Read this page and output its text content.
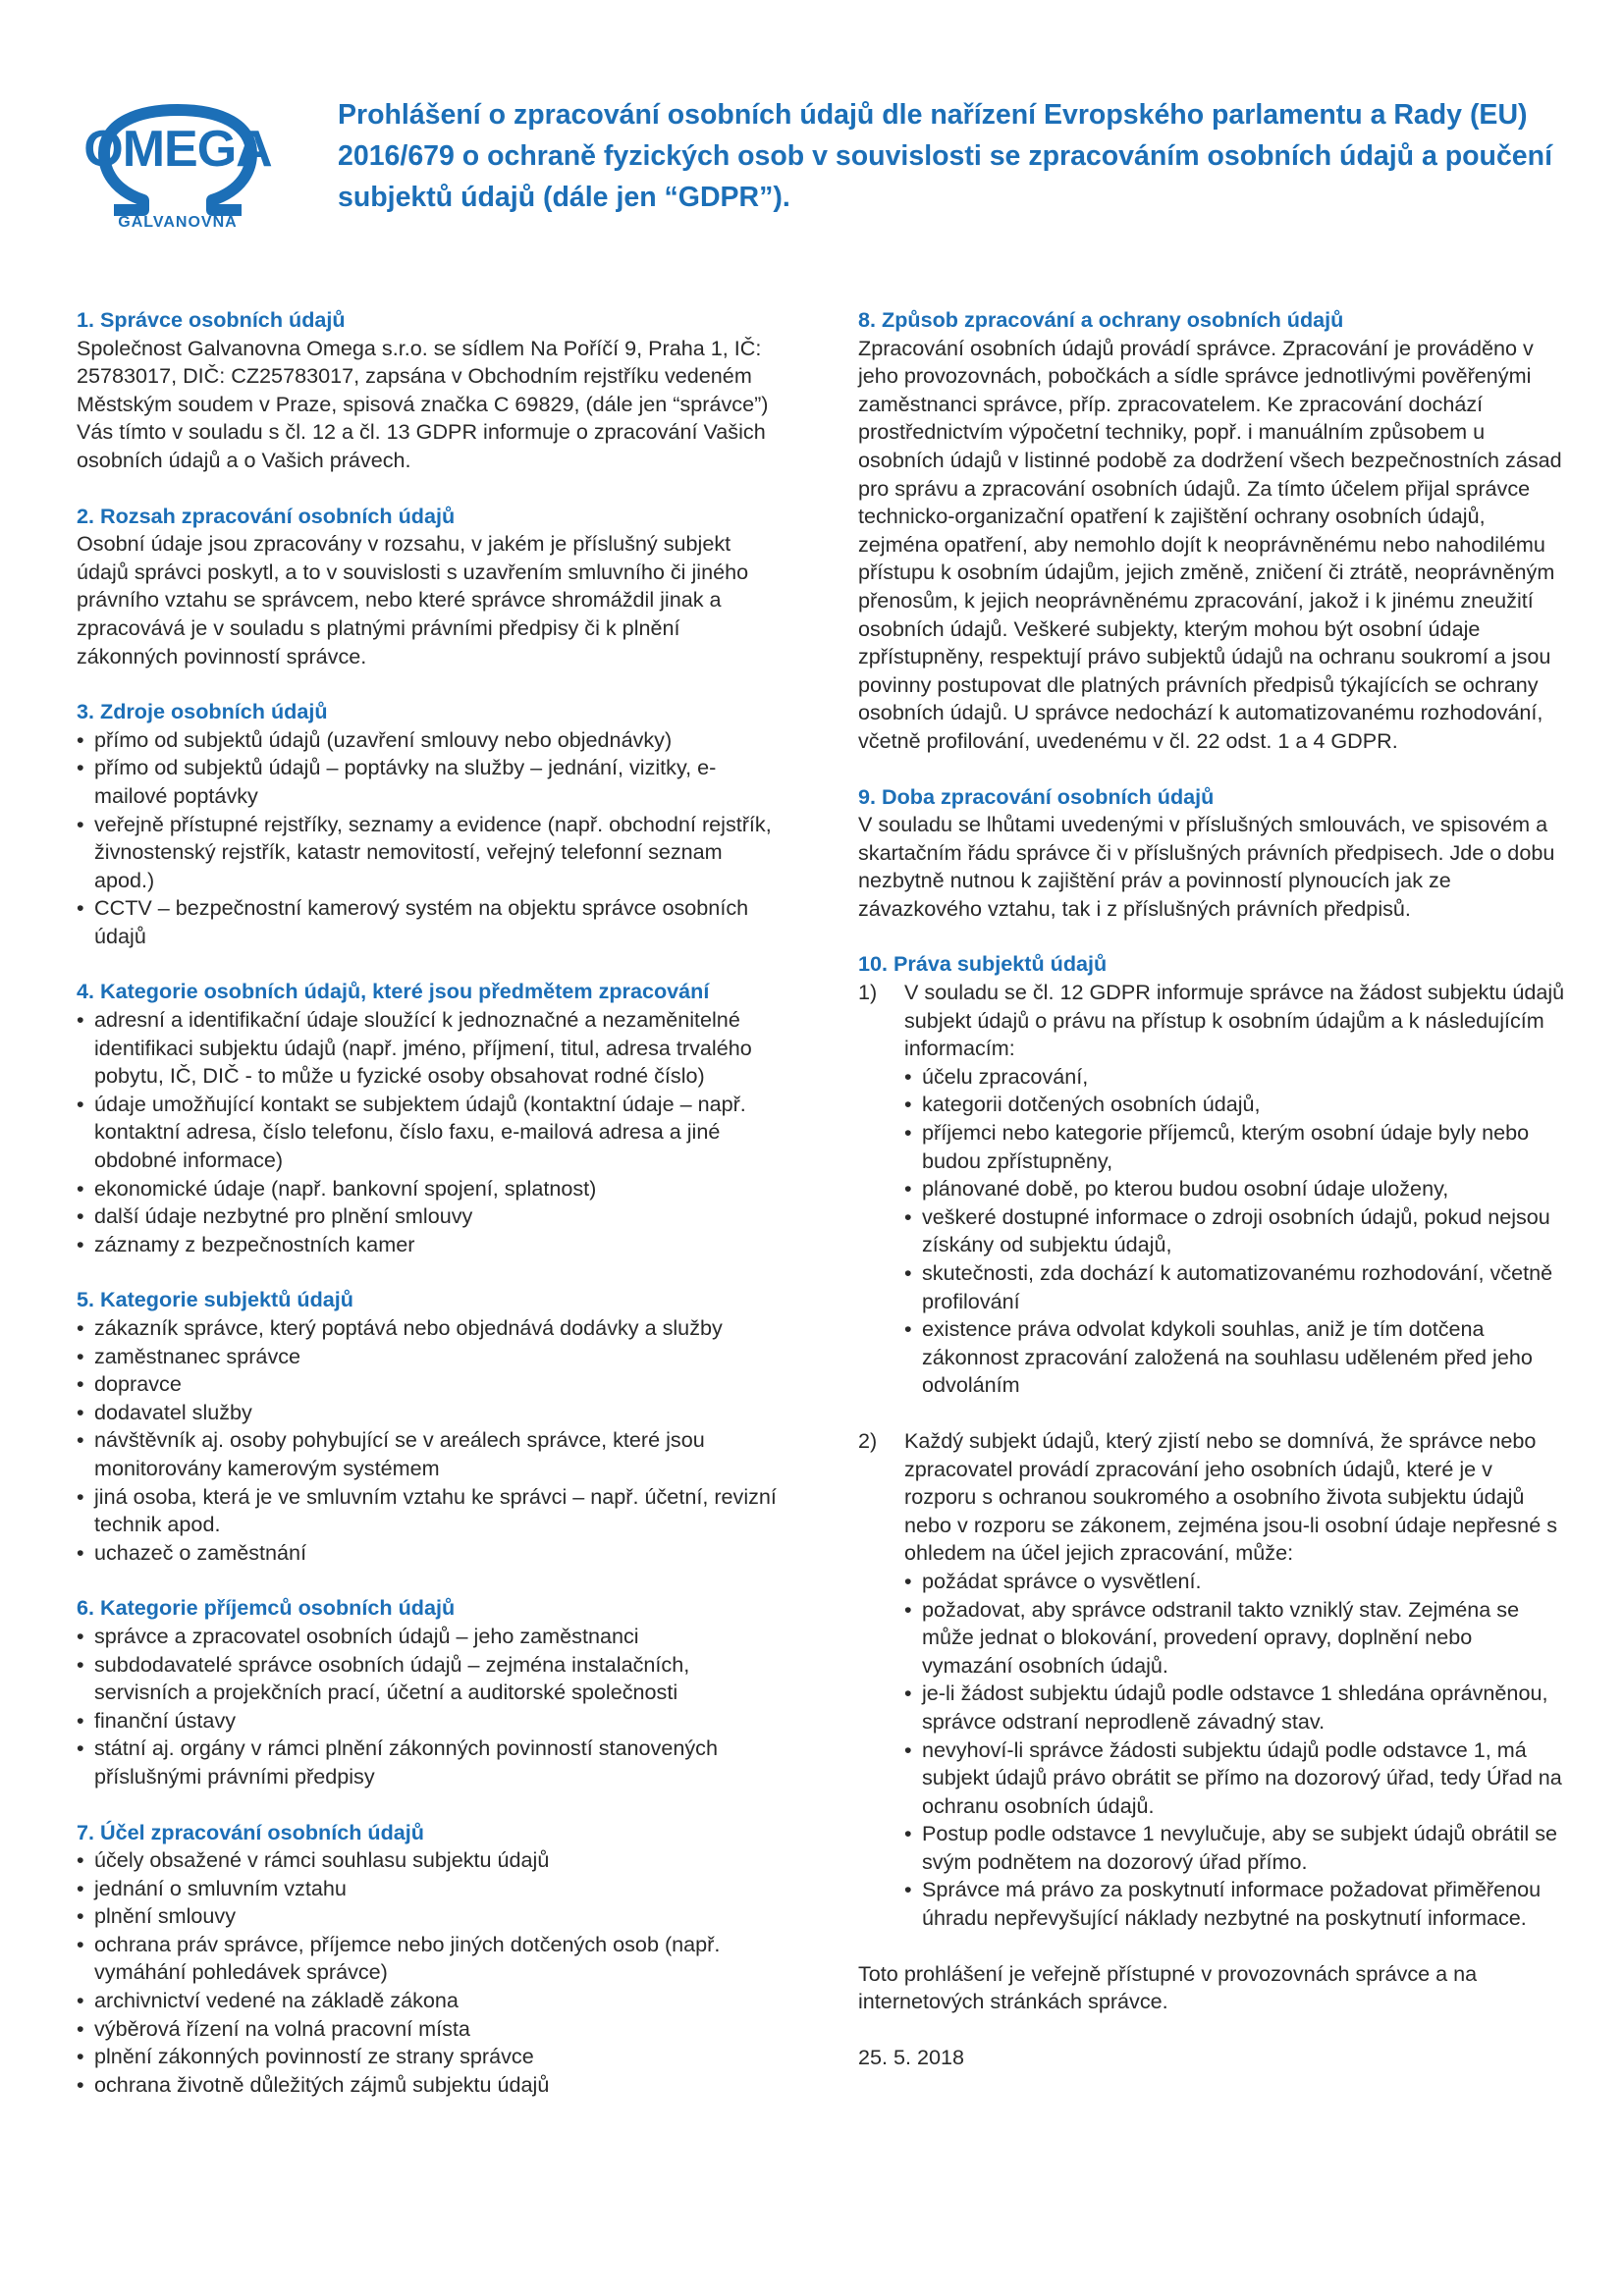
OMEGA
GALVANOVNA
Prohlášení o zpracování osobních údajů dle nařízení Evropského parlamentu a Rady (EU) 2016/679 o ochraně fyzických osob v souvislosti se zpracováním osobních údajů a poučení subjektů údajů (dále jen “GDPR”).
1. Správce osobních údajů

Společnost Galvanovna Omega s.r.o. se sídlem Na Poříčí 9, Praha 1, IČ: 25783017, DIČ: CZ25783017, zapsána v Obchodním rejstříku vedeném Městským soudem v Praze, spisová značka C 69829, (dále jen “správce”) Vás tímto v souladu s čl. 12 a čl. 13 GDPR informuje o zpracování Vašich osobních údajů a o Vašich právech.

2. Rozsah zpracování osobních údajů

Osobní údaje jsou zpracovány v rozsahu, v jakém je příslušný subjekt údajů správci poskytl, a to v souvislosti s uzavřením smluvního či jiného právního vztahu se správcem, nebo které správce shromáždil jinak a zpracovává je v souladu s platnými právními předpisy či k plnění zákonných povinností správce.

3. Zdroje osobních údajů
• přímo od subjektů údajů (uzavření smlouvy nebo objednávky)
• přímo od subjektů údajů – poptávky na služby – jednání, vizitky, e-mailové poptávky
• veřejně přístupné rejstříky, seznamy a evidence (např. obchodní rejstřík, živnostenský rejstřík, katastr nemovitostí, veřejný telefonní seznam apod.)
• CCTV – bezpečnostní kamerový systém na objektu správce osobních údajů
4. Kategorie osobních údajů, které jsou předmětem zpracování
• adresní a identifikační údaje sloužící k jednoznačné a nezaměnitelné identifikaci subjektu údajů (např. jméno, příjmení, titul, adresa trvalého pobytu, IČ, DIČ - to může u fyzické osoby obsahovat rodné číslo)
• údaje umožňující kontakt se subjektem údajů (kontaktní údaje – např. kontaktní adresa, číslo telefonu, číslo faxu, e-mailová adresa a jiné obdobné informace)
• ekonomické údaje (např. bankovní spojení, splatnost)
• další údaje nezbytné pro plnění smlouvy
• záznamy z bezpečnostních kamer
5. Kategorie subjektů údajů
• zákazník správce, který poptává nebo objednává dodávky a služby
• zaměstnanec správce
• dopravce
• dodavatel služby
• návštěvník aj. osoby pohybující se v areálech správce, které jsou monitorovány kamerovým systémem
• jiná osoba, která je ve smluvním vztahu ke správci – např. účetní, revizní technik apod.
• uchazeč o zaměstnání
6. Kategorie příjemců osobních údajů
• správce a zpracovatel osobních údajů – jeho zaměstnanci
• subdodavatelé správce osobních údajů – zejména instalačních, servisních a projekčních prací, účetní a auditorské společnosti
• finanční ústavy
• státní aj. orgány v rámci plnění zákonných povinností stanovených příslušnými právními předpisy
7. Účel zpracování osobních údajů
• účely obsažené v rámci souhlasu subjektu údajů
• jednání o smluvním vztahu
• plnění smlouvy
• ochrana práv správce, příjemce nebo jiných dotčených osob (např. vymáhání pohledávek správce)
• archivnictví vedené na základě zákona
• výběrová řízení na volná pracovní místa
• plnění zákonných povinností ze strany správce
• ochrana životně důležitých zájmů subjektu údajů
8. Způsob zpracování a ochrany osobních údajů

Zpracování osobních údajů provádí správce. Zpracování je prováděno v jeho provozovnách, pobočkách a sídle správce jednotlivými pověřenými zaměstnanci správce, příp. zpracovatelem. Ke zpracování dochází prostřednictvím výpočetní techniky, popř. i manuálním způsobem u osobních údajů v listinné podobě za dodržení všech bezpečnostních zásad pro správu a zpracování osobních údajů. Za tímto účelem přijal správce technicko-organizační opatření k zajištění ochrany osobních údajů, zejména opatření, aby nemohlo dojít k neoprávněnému nebo nahodilému přístupu k osobním údajům, jejich změně, zničení či ztrátě, neoprávněným přenosům, k jejich neoprávněnému zpracování, jakož i k jinému zneužití osobních údajů. Veškeré subjekty, kterým mohou být osobní údaje zpřístupněny, respektují právo subjektů údajů na ochranu soukromí a jsou povinny postupovat dle platných právních předpisů týkajících se ochrany osobních údajů. U správce nedochází k automatizovanému rozhodování, včetně profilování, uvedenému v čl. 22 odst. 1 a 4 GDPR.

9. Doba zpracování osobních údajů

V souladu se lhůtami uvedenými v příslušných smlouvách, ve spisovém a skartačním řádu správce či v příslušných právních předpisech. Jde o dobu nezbytně nutnou k zajištění práv a povinností plynoucích jak ze závazkového vztahu, tak i z příslušných právních předpisů.

10. Práva subjektů údajů
1)	V souladu se čl. 12 GDPR informuje správce na žádost subjektu údajů subjekt údajů o právu na přístup k osobním údajům a k následujícím informacím:
• účelu zpracování,
• kategorii dotčených osobních údajů,
• příjemci nebo kategorie příjemců, kterým osobní údaje byly nebo budou zpřístupněny,
• plánované době, po kterou budou osobní údaje uloženy,
• veškeré dostupné informace o zdroji osobních údajů, pokud nejsou získány od subjektu údajů,
• skutečnosti, zda dochází k automatizovanému rozhodování, včetně profilování
• existence práva odvolat kdykoli souhlas, aniž je tím dotčena zákonnost zpracování založená na souhlasu uděleném před jeho odvoláním
2)	Každý subjekt údajů, který zjistí nebo se domnívá, že správce nebo zpracovatel provádí zpracování jeho osobních údajů, které je v rozporu s ochranou soukromého a osobního života subjektu údajů nebo v rozporu se zákonem, zejména jsou-li osobní údaje nepřesné s ohledem na účel jejich zpracování, může:
• požádat správce o vysvětlení.
• požadovat, aby správce odstranil takto vzniklý stav. Zejména se může jednat o blokování, provedení opravy, doplnění nebo vymazání osobních údajů.
• je-li žádost subjektu údajů podle odstavce 1 shledána oprávněnou, správce odstraní neprodleně závadný stav.
• nevyhoví-li správce žádosti subjektu údajů podle odstavce 1, má subjekt údajů právo obrátit se přímo na dozorový úřad, tedy Úřad na ochranu osobních údajů.
• Postup podle odstavce 1 nevylučuje, aby se subjekt údajů obrátil se svým podnětem na dozorový úřad přímo.
• Správce má právo za poskytnutí informace požadovat přiměřenou úhradu nepřevyšující náklady nezbytné na poskytnutí informace.

Toto prohlášení je veřejně přístupné v provozovnách správce a na internetových stránkách správce.

25. 5. 2018
